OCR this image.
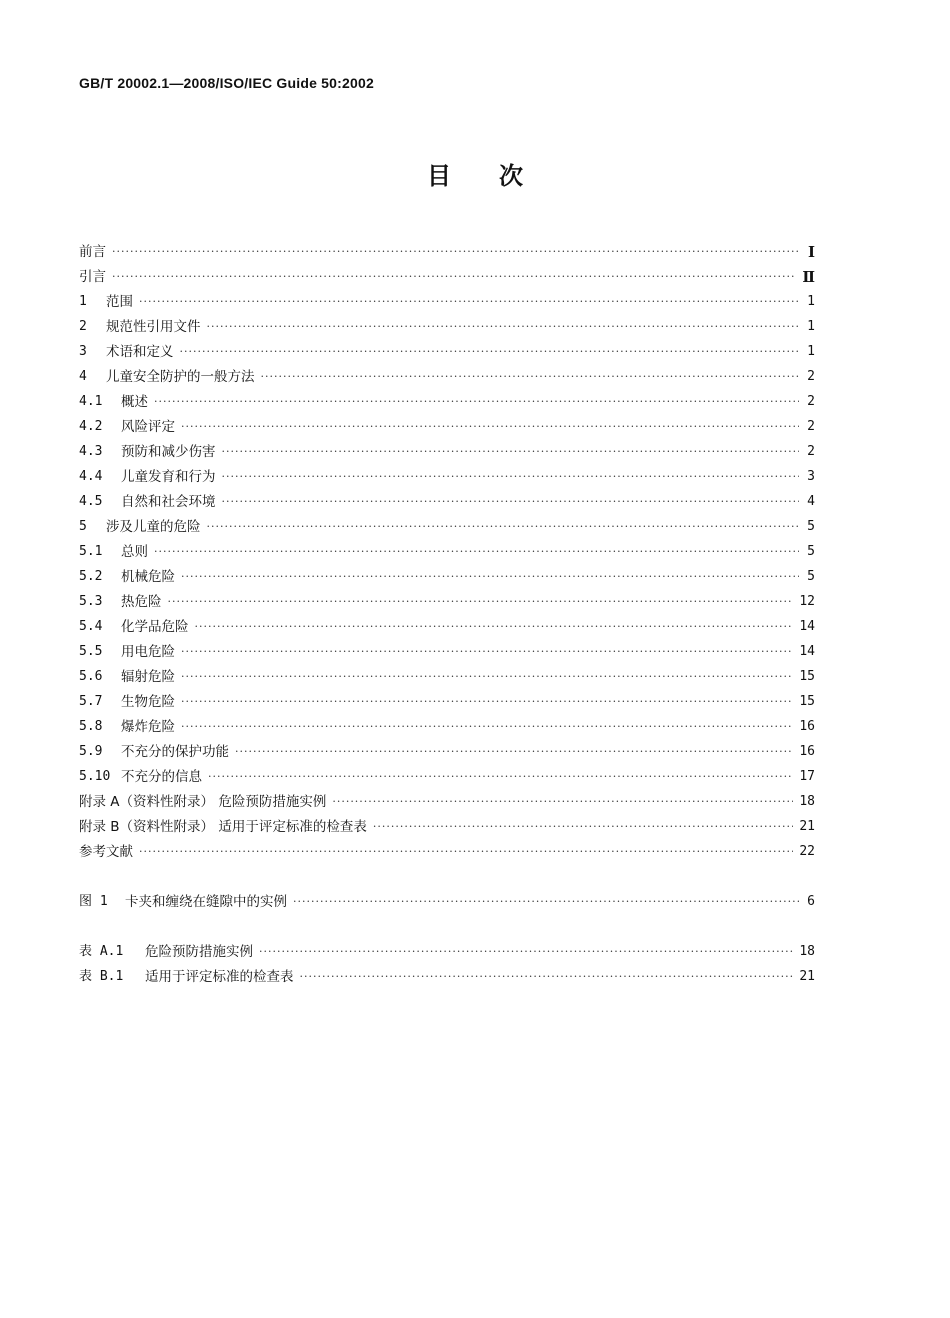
GB/T 20002.1—2008/ISO/IEC Guide 50:2002
目次
前言 ·····	Ⅰ
引言 ·····	Ⅱ
1	范围 ·····	1
2	规范性引用文件 ·····	1
3	术语和定义 ·····	1
4	儿童安全防护的一般方法 ·····	2
4.1	概述 ·····	2
4.2	风险评定 ·····	2
4.3	预防和减少伤害 ·····	2
4.4	儿童发育和行为 ·····	3
4.5	自然和社会环境 ·····	4
5	涉及儿童的危险 ·····	5
5.1	总则 ·····	5
5.2	机械危险 ·····	5
5.3	热危险 ·····	12
5.4	化学品危险 ·····	14
5.5	用电危险 ·····	14
5.6	辐射危险 ·····	15
5.7	生物危险 ·····	15
5.8	爆炸危险 ·····	16
5.9	不充分的保护功能 ·····	16
5.10 不充分的信息 ·····	17
附录 A（资料性附录） 危险预防措施实例 ·····	18
附录 B（资料性附录） 适用于评定标准的检查表 ·····	21
参考文献 ·····	22
图 1	卡夹和缠绕在缝隙中的实例 ·····	6
表 A.1	危险预防措施实例 ·····	18
表 B.1	适用于评定标准的检查表 ·····	21
